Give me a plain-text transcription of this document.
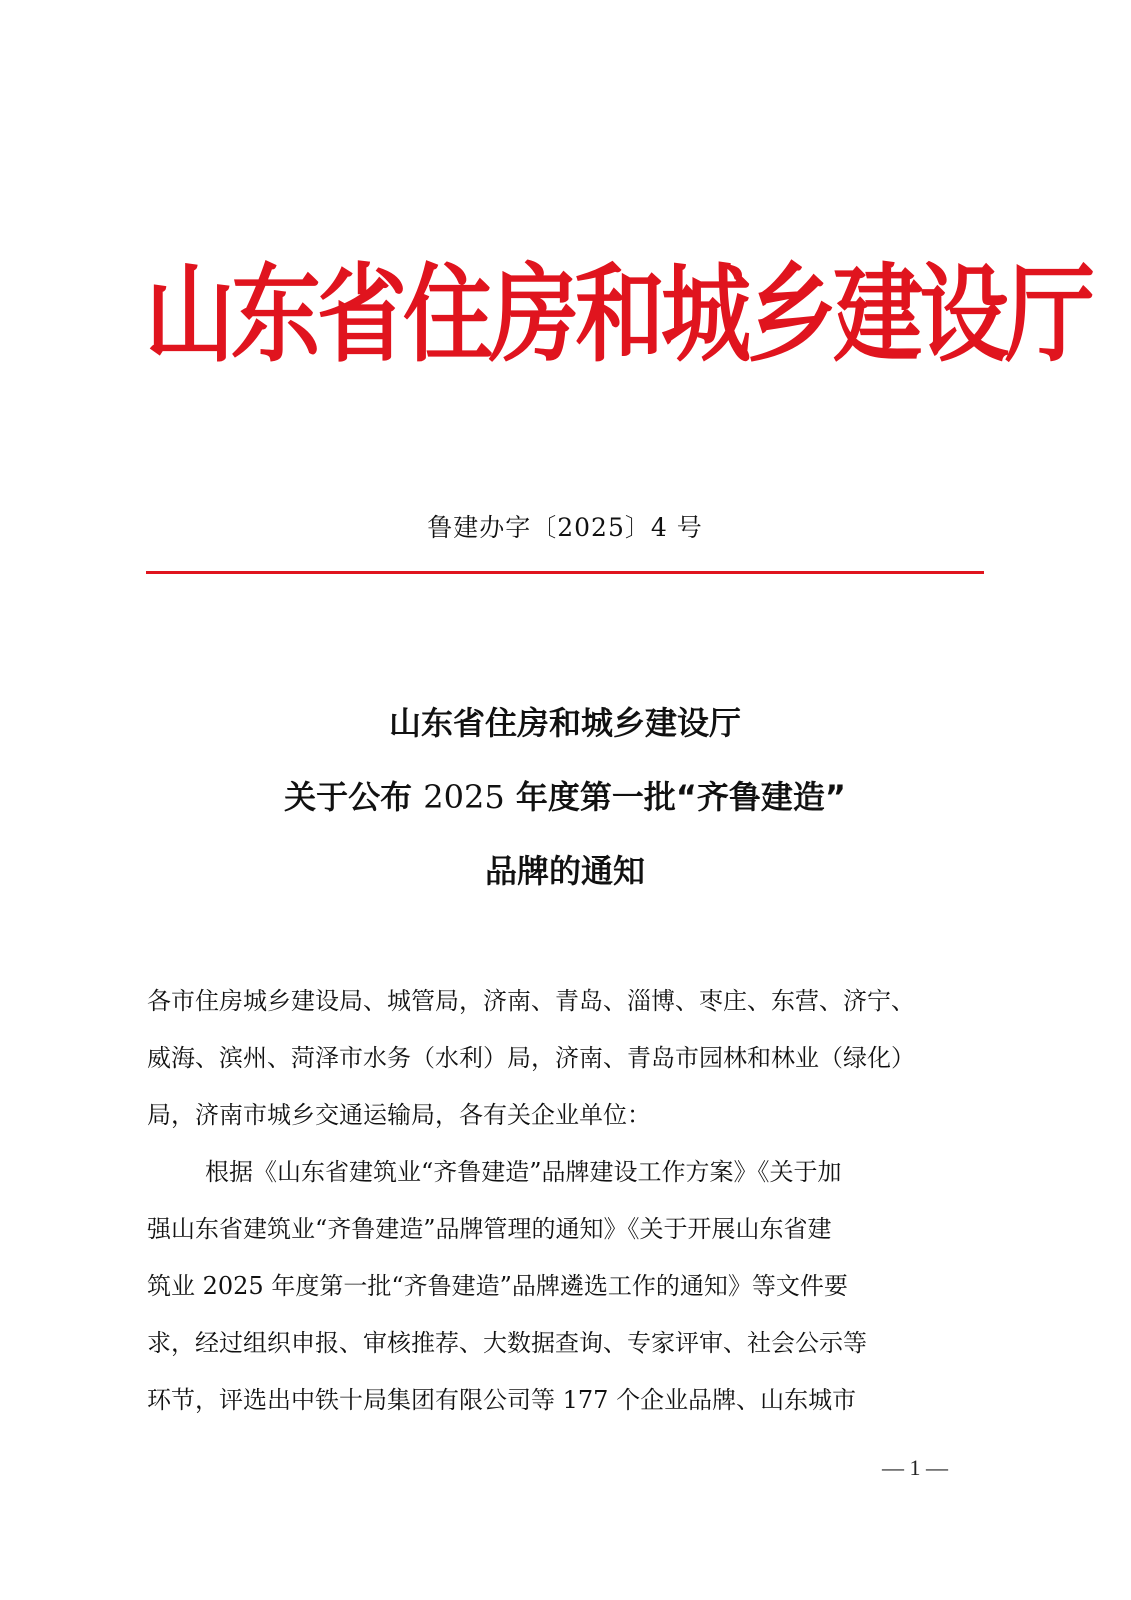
山东省住房和城乡建设厅
鲁建办字〔2025〕4 号
山东省住房和城乡建设厅
关于公布 2025 年度第一批“齐鲁建造”
品牌的通知
各市住房城乡建设局、城管局，济南、青岛、淄博、枣庄、东营、济宁、
威海、滨州、菏泽市水务（水利）局，济南、青岛市园林和林业（绿化）
局，济南市城乡交通运输局，各有关企业单位：
根据《山东省建筑业“齐鲁建造”品牌建设工作方案》《关于加
强山东省建筑业“齐鲁建造”品牌管理的通知》《关于开展山东省建
筑业 2025 年度第一批“齐鲁建造”品牌遴选工作的通知》等文件要
求，经过组织申报、审核推荐、大数据查询、专家评审、社会公示等
环节，评选出中铁十局集团有限公司等 177 个企业品牌、山东城市
— 1 —
